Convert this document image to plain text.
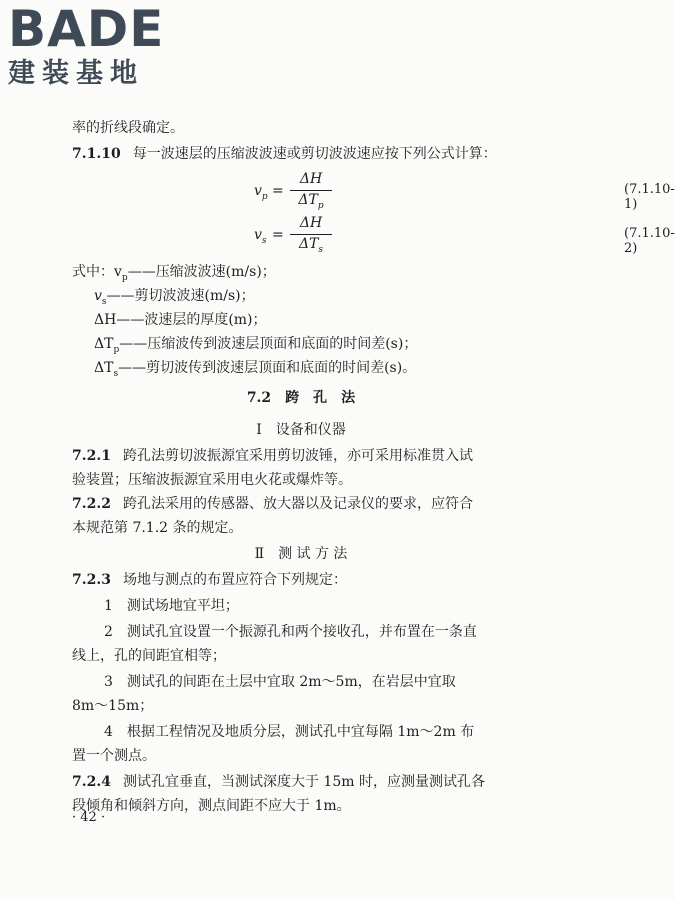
BADE
建装基地
率的折线段确定。
7.1.10 每一波速层的压缩波波速或剪切波波速应按下列公式计算：
$v_p$ =
ΔH
$\Delta T_p$
(7.1.10-1)
$v_s$ =
ΔH
$\Delta T_s$
(7.1.10-2)
式中：$v_p——$压缩波波速(m/s)；
$v_s——$剪切波波速(m/s)；
ΔH——波速层的厚度(m)；
$\Delta T_p——$压缩波传到波速层顶面和底面的时间差(s)；
$\Delta T_s——$剪切波传到波速层顶面和底面的时间差(s)。
7.2　跨　孔　法
Ⅰ　设备和仪器
7.2.1 跨孔法剪切波振源宜采用剪切波锤，亦可采用标准贯入试
验装置；压缩波振源宜采用电火花或爆炸等。
7.2.2 跨孔法采用的传感器、放大器以及记录仪的要求，应符合
本规范第 7.1.2 条的规定。
Ⅱ　测 试 方 法
7.2.3 场地与测点的布置应符合下列规定：
1　测试场地宜平坦；
2　测试孔宜设置一个振源孔和两个接收孔，并布置在一条直
线上，孔的间距宜相等；
3　测试孔的间距在土层中宜取 2m～5m，在岩层中宜取
8m～15m；
4　根据工程情况及地质分层，测试孔中宜每隔 1m～2m 布
置一个测点。
7.2.4 测试孔宜垂直，当测试深度大于 15m 时，应测量测试孔各
段倾角和倾斜方向，测点间距不应大于 1m。
· 42 ·
